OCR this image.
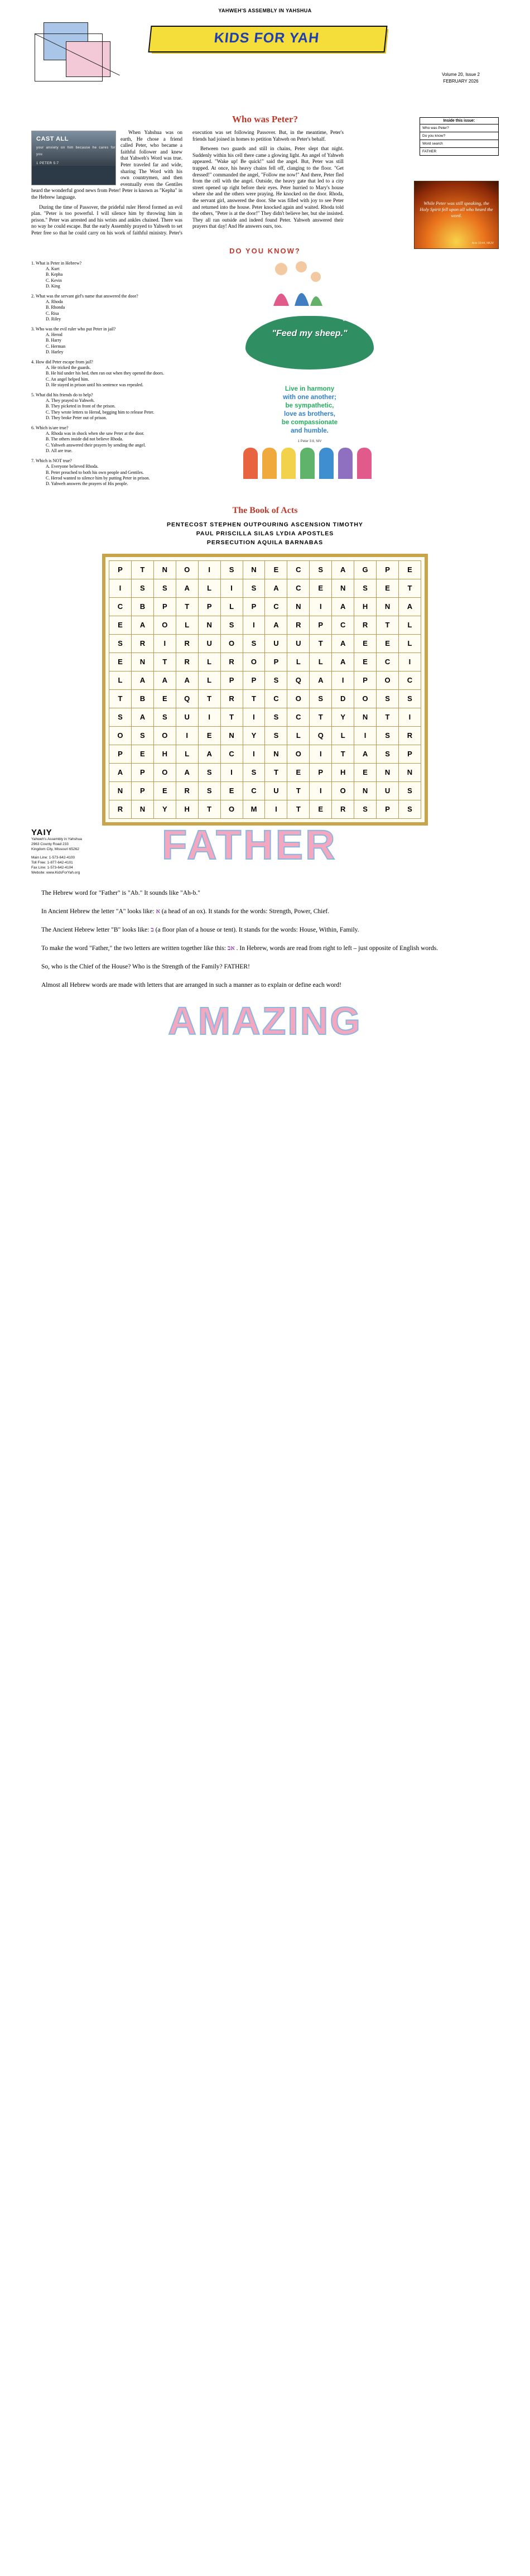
YAHWEH'S ASSEMBLY IN YAHSHUA
KIDS FOR YAH
Volume 20, Issue 2
FEBRUARY 2026
Who was Peter?	Inside this issue:
Who was Peter?
Do you know?
Word search
FATHER
While Peter was still speaking, the Holy Spirit fell upon all who heard the word.
Acts 10:44, NKJV
CAST ALL
your anxiety on him because he cares for you
1 PETER 5:7

When Yahshua was on earth, He chose a friend called Peter, who became a faithful follower and knew that Yahweh's Word was true. Peter traveled far and wide, sharing The Word with his own countrymen, and then eventually even the Gentiles heard the wonderful good news from Peter! Peter is known as "Kepha" in the Hebrew language.

During the time of Passover, the prideful ruler Herod formed an evil plan. "Peter is too powerful. I will silence him by throwing him in prison." Peter was arrested and his wrists and ankles chained. There was no way he could escape. But the early Assembly prayed to Yahweh to set Peter free so that he could carry on his work of faithful ministry. Peter's execution was set following Passover. But, in the meantime, Peter's friends had joined in homes to petition Yahweh on Peter's behalf.

Between two guards and still in chains, Peter slept that night. Suddenly within his cell there came a glowing light. An angel of Yahweh appeared. "Wake up! Be quick!" said the angel. But, Peter was still trapped. At once, his heavy chains fell off, clanging to the floor. "Get dressed!" commanded the angel, "Follow me now!" And there, Peter fled from the cell with the angel. Outside, the heavy gate that led to a city street opened up right before their eyes. Peter hurried to Mary's house where she and the others were praying. He knocked on the door. Rhoda, the servant girl, answered the door. She was filled with joy to see Peter and returned into the house. Peter knocked again and waited. Rhoda told the others, "Peter is at the door!" They didn't believe her, but she insisted. They all ran outside and indeed found Peter. Yahweh answered their prayers that day! And He answers ours, too.

DO YOU KNOW?
JOHN 21:15-17
"Feed my sheep."
Live in harmony
with one another;
be sympathetic,
love as brothers,
be compassionate
and humble.
1 Peter 3:8, NIV
1. What is Peter in Hebrew?
A. Kurt
B. Kepha
C. Kevin
D. King
2. What was the servant girl's name that answered the door?
A. Rhoda
B. Rhonda
C. Risa
D. Riley
3. Who was the evil ruler who put Peter in jail?
A. Herod
B. Harry
C. Herman
D. Harley
4. How did Peter escape from jail?
A. He tricked the guards.
B. He hid under his bed, then ran out when they opened the doors.
C. An angel helped him.
D. He stayed in prison until his sentence was repealed.
5. What did his friends do to help?
A. They prayed to Yahweh.
B. They picketed in front of the prison.
C. They wrote letters to Herod, begging him to release Peter.
D. They broke Peter out of prison.
6. Which is/are true?
A. Rhoda was in shock when she saw Peter at the door.
B. The others inside did not believe Rhoda.
C. Yahweh answered their prayers by sending the angel.
D. All are true.
7. Which is NOT true?
A. Everyone believed Rhoda.
B. Peter preached to both his own people and Gentiles.
C. Herod wanted to silence him by putting Peter in prison.
D. Yahweh answers the prayers of His people.
The Book of Acts
PENTECOST STEPHEN OUTPOURING ASCENSION TIMOTHY
PAUL PRISCILLA SILAS LYDIA APOSTLES
PERSECUTION AQUILA BARNABAS
P	T	N	O	I	S	N	E	C	S	A	G	P	E
I	S	S	A	L	I	S	A	C	E	N	S	E	T
C	B	P	T	P	L	P	C	N	I	A	H	N	A
E	A	O	L	N	S	I	A	R	P	C	R	T	L
S	R	I	R	U	O	S	U	U	T	A	E	E	L
E	N	T	R	L	R	O	P	L	L	A	E	C	I
L	A	A	A	L	P	P	S	Q	A	I	P	O	C
T	B	E	Q	T	R	T	C	O	S	D	O	S	S
S	A	S	U	I	T	I	S	C	T	Y	N	T	I
O	S	O	I	E	N	Y	S	L	Q	L	I	S	R
P	E	H	L	A	C	I	N	O	I	T	A	S	P
A	P	O	A	S	I	S	T	E	P	H	E	N	N
N	P	E	R	S	E	C	U	T	I	O	N	U	S
R	N	Y	H	T	O	M	I	T	E	R	S	P	S
YAIY
Yahweh's Assembly in Yahshua
2963 County Road 233
Kingdom City, Missouri 65262
Main Line: 1-573-642-4100
Toll Free: 1-877-642-4101
Fax Line: 1-573-642-4104
Website: www.KidsForYah.org
FATHER

The Hebrew word for "Father" is "Ab." It sounds like "Ah-b."

In Ancient Hebrew the letter "A" looks like: א (a head of an ox). It stands for the words: Strength, Power, Chief.

The Ancient Hebrew letter "B" looks like: ב (a floor plan of a house or tent). It stands for the words: House, Within, Family.

To make the word "Father," the two letters are written together like this: אב . In Hebrew, words are read from right to left – just opposite of English words.

So, who is the Chief of the House? Who is the Strength of the Family? FATHER!

Almost all Hebrew words are made with letters that are arranged in such a manner as to explain or define each word!

AMAZING
